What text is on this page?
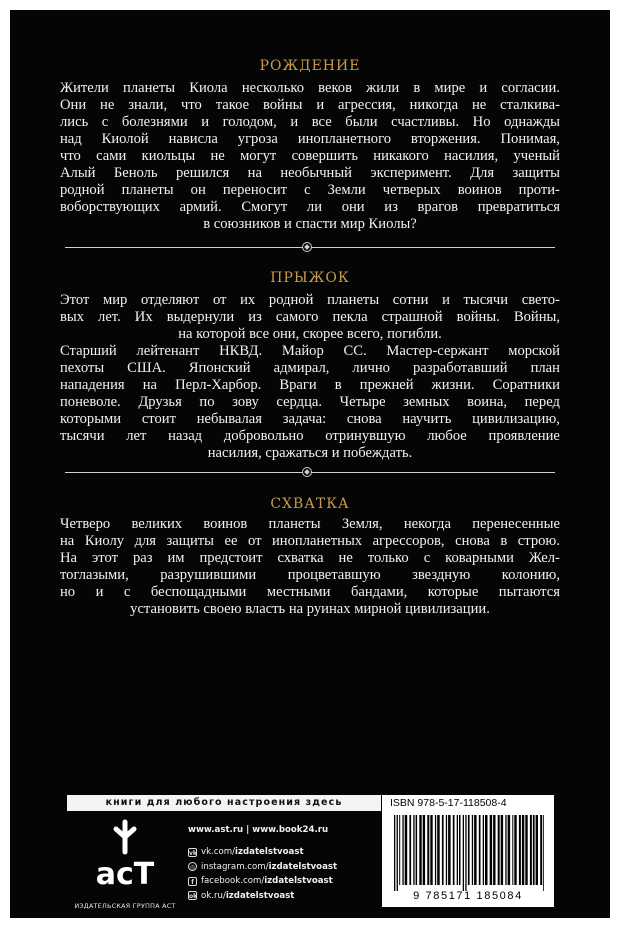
РОЖДЕНИЕ
Жители планеты Киола несколько веков жили в мире и согласии.
Они не знали, что такое войны и агрессия, никогда не сталкива-
лись с болезнями и голодом, и все были счастливы. Но однажды
над Киолой нависла угроза инопланетного вторжения. Понимая,
что сами киольцы не могут совершить никакого насилия, ученый
Алый Беноль решился на необычный эксперимент. Для защиты
родной планеты он переносит с Земли четверых воинов проти-
воборствующих армий. Смогут ли они из врагов превратиться
в союзников и спасти мир Киолы?
ПРЫЖОК
Этот мир отделяют от их родной планеты сотни и тысячи свето-
вых лет. Их выдернули из самого пекла страшной войны. Войны,
на которой все они, скорее всего, погибли.
Старший лейтенант НКВД. Майор СС. Мастер-сержант морской
пехоты США. Японский адмирал, лично разработавший план
нападения на Перл-Харбор. Враги в прежней жизни. Соратники
поневоле. Друзья по зову сердца. Четыре земных воина, перед
которыми стоит небывалая задача: снова научить цивилизацию,
тысячи лет назад добровольно отринувшую любое проявление
насилия, сражаться и побеждать.
СХВАТКА
Четверо великих воинов планеты Земля, некогда перенесенные
на Киолу для защиты ее от инопланетных агрессоров, снова в строю.
На этот раз им предстоит схватка не только с коварными Жел-
тоглазыми, разрушившими процветавшую звездную колонию,
но и с беспощадными местными бандами, которые пытаются
установить своею власть на руинах мирной цивилизации.
книги для любого настроения здесь
acT
ИЗДАТЕЛЬСКАЯ ГРУППА АСТ
www.ast.ru | www.book24.ru
vk vk.com/ izdatelstvoast
◎ instagram.com/ izdatelstvoast
f facebook.com/ izdatelstvoast
ok ok.ru/ izdatelstvoast
ISBN 978-5-17-118508-4
9 785171 185084
